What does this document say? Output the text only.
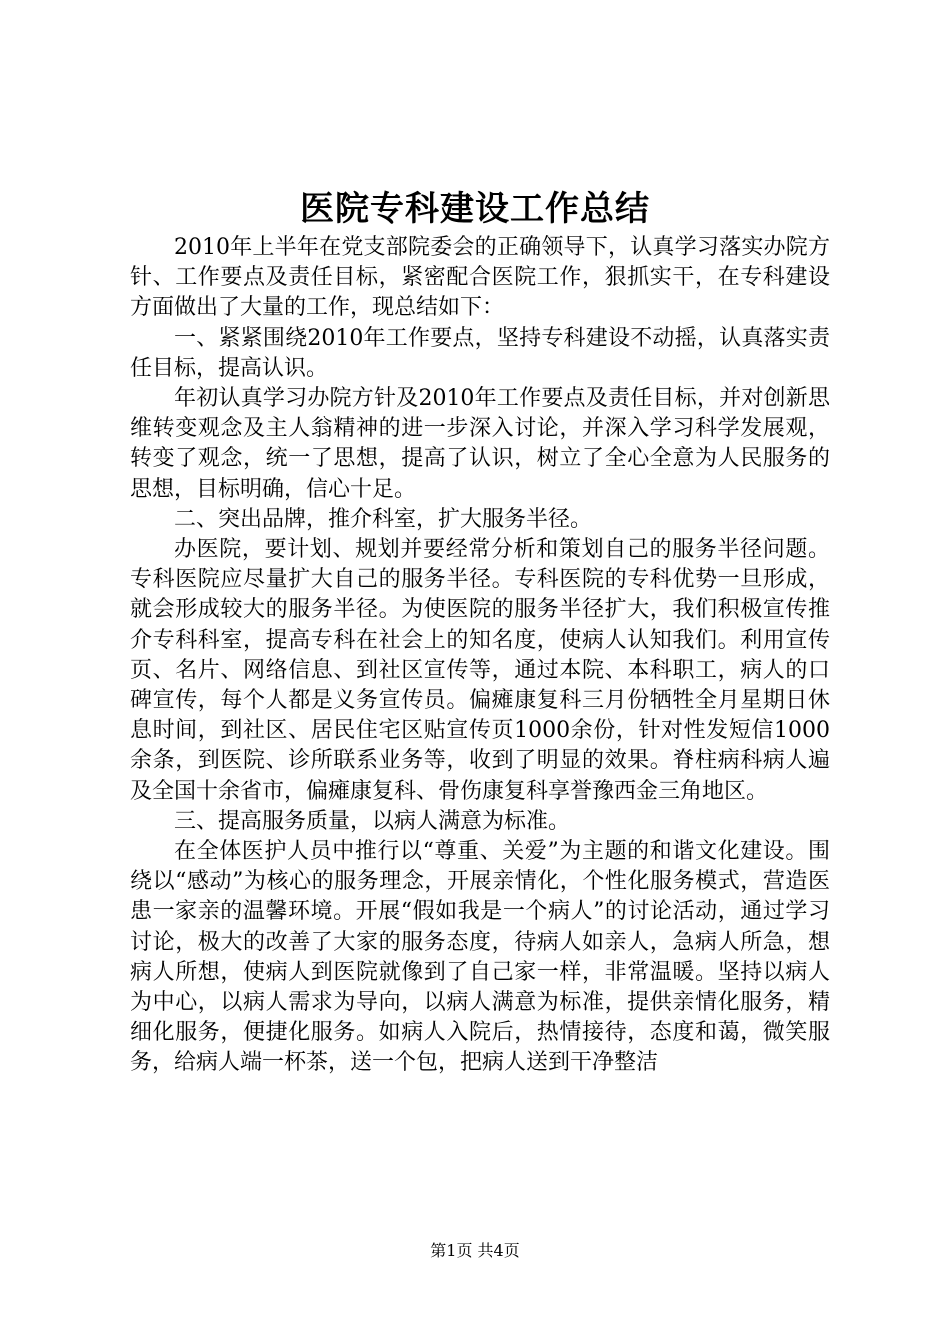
医院专科建设工作总结

2010年上半年在党支部院委会的正确领导下，认真学习落实办院方针、工作要点及责任目标，紧密配合医院工作，狠抓实干，在专科建设方面做出了大量的工作，现总结如下：

一、紧紧围绕2010年工作要点，坚持专科建设不动摇，认真落实责任目标，提高认识。

年初认真学习办院方针及2010年工作要点及责任目标，并对创新思维转变观念及主人翁精神的进一步深入讨论，并深入学习科学发展观，转变了观念，统一了思想，提高了认识，树立了全心全意为人民服务的思想，目标明确，信心十足。

二、突出品牌，推介科室，扩大服务半径。

办医院，要计划、规划并要经常分析和策划自己的服务半径问题。专科医院应尽量扩大自己的服务半径。专科医院的专科优势一旦形成，就会形成较大的服务半径。为使医院的服务半径扩大，我们积极宣传推介专科科室，提高专科在社会上的知名度，使病人认知我们。利用宣传页、名片、网络信息、到社区宣传等，通过本院、本科职工，病人的口碑宣传，每个人都是义务宣传员。偏瘫康复科三月份牺牲全月星期日休息时间，到社区、居民住宅区贴宣传页1000余份，针对性发短信1000余条，到医院、诊所联系业务等，收到了明显的效果。脊柱病科病人遍及全国十余省市，偏瘫康复科、骨伤康复科享誉豫西金三角地区。

三、提高服务质量，以病人满意为标准。

在全体医护人员中推行以“尊重、关爱”为主题的和谐文化建设。围绕以“感动”为核心的服务理念，开展亲情化，个性化服务模式，营造医患一家亲的温馨环境。开展“假如我是一个病人”的讨论活动，通过学习讨论，极大的改善了大家的服务态度，待病人如亲人，急病人所急，想病人所想，使病人到医院就像到了自己家一样，非常温暖。坚持以病人为中心，以病人需求为导向，以病人满意为标准，提供亲情化服务，精细化服务，便捷化服务。如病人入院后，热情接待，态度和蔼，微笑服务，给病人端一杯茶，送一个包，把病人送到干净整洁

第1页 共4页
